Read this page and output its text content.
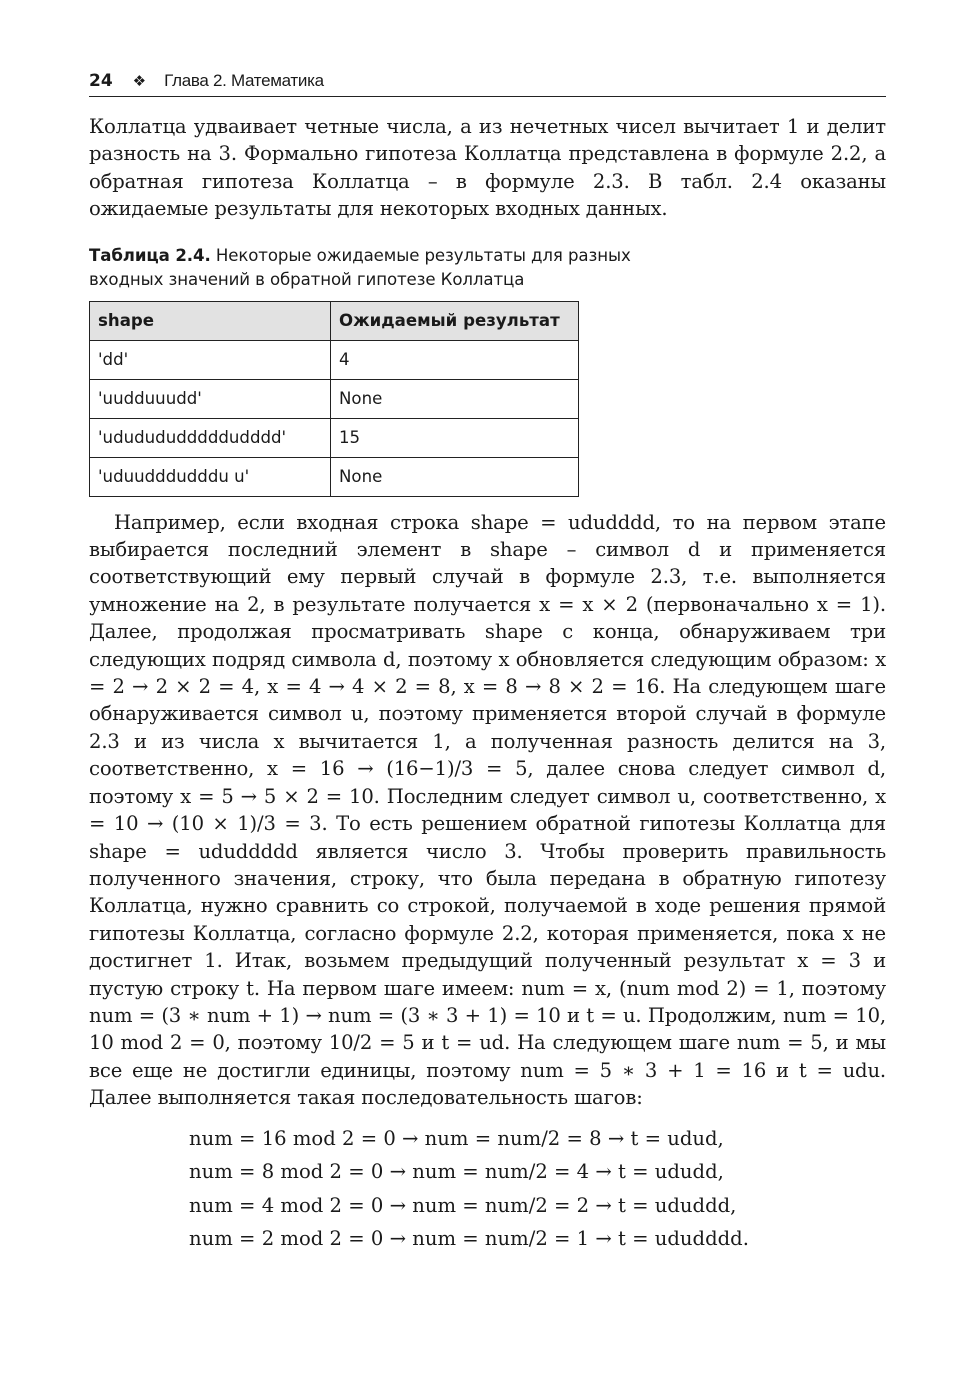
24 ❖ Глава 2. Математика

Коллатца удваивает четные числа, а из нечетных чисел вычитает 1 и делит разность на 3. Формально гипотеза Коллатца представлена в формуле 2.2, а обратная гипотеза Коллатца – в формуле 2.3. В табл. 2.4 оказаны ожидаемые результаты для некоторых входных данных.

Таблица 2.4. Некоторые ожидаемые результаты для разных
входных значений в обратной гипотезе Коллатца
shape	Ожидаемый результат
'dd'	4
'uudduuudd'	None
'ududududddddudddd'	15
'uduudddudddu u'	None

Например, если входная строка shape = ududddd, то на первом этапе выбирается последний элемент в shape – символ d и применяется соответствующий ему первый случай в формуле 2.3, т.е. выполняется умножение на 2, в результате получается x = x × 2 (первоначально x = 1). Далее, продолжая просматривать shape с конца, обнаруживаем три следующих подряд символа d, поэтому x обновляется следующим образом: x = 2 → 2 × 2 = 4, x = 4 → 4 × 2 = 8, x = 8 → 8 × 2 = 16. На следующем шаге обнаруживается символ u, поэтому применяется второй случай в формуле 2.3 и из числа x вычитается 1, а полученная разность делится на 3, соответственно, x = 16 → (16−1)/3 = 5, далее снова следует символ d, поэтому x = 5 → 5 × 2 = 10. Последним следует символ u, соответственно, x = 10 → (10 × 1)/3 = 3. То есть решением обратной гипотезы Коллатца для shape = ududdddd является число 3. Чтобы проверить правильность полученного значения, строку, что была передана в обратную гипотезу Коллатца, нужно сравнить со строкой, получаемой в ходе решения прямой гипотезы Коллатца, согласно формуле 2.2, которая применяется, пока x не достигнет 1. Итак, возьмем предыдущий полученный результат x = 3 и пустую строку t. На первом шаге имеем: num = x, (num mod 2) = 1, поэтому num = (3 ∗ num + 1) → num = (3 ∗ 3 + 1) = 10 и t = u. Продолжим, num = 10, 10 mod 2 = 0, поэтому 10/2 = 5 и t = ud. На следующем шаге num = 5, и мы все еще не достигли единицы, поэтому num = 5 ∗ 3 + 1 = 16 и t = udu. Далее выполняется такая последовательность шагов:

num = 16 mod 2 = 0 → num = num/2 = 8 → t = udud,
num = 8 mod 2 = 0 → num = num/2 = 4 → t = ududd,
num = 4 mod 2 = 0 → num = num/2 = 2 → t = ududdd,
num = 2 mod 2 = 0 → num = num/2 = 1 → t = ududddd.
